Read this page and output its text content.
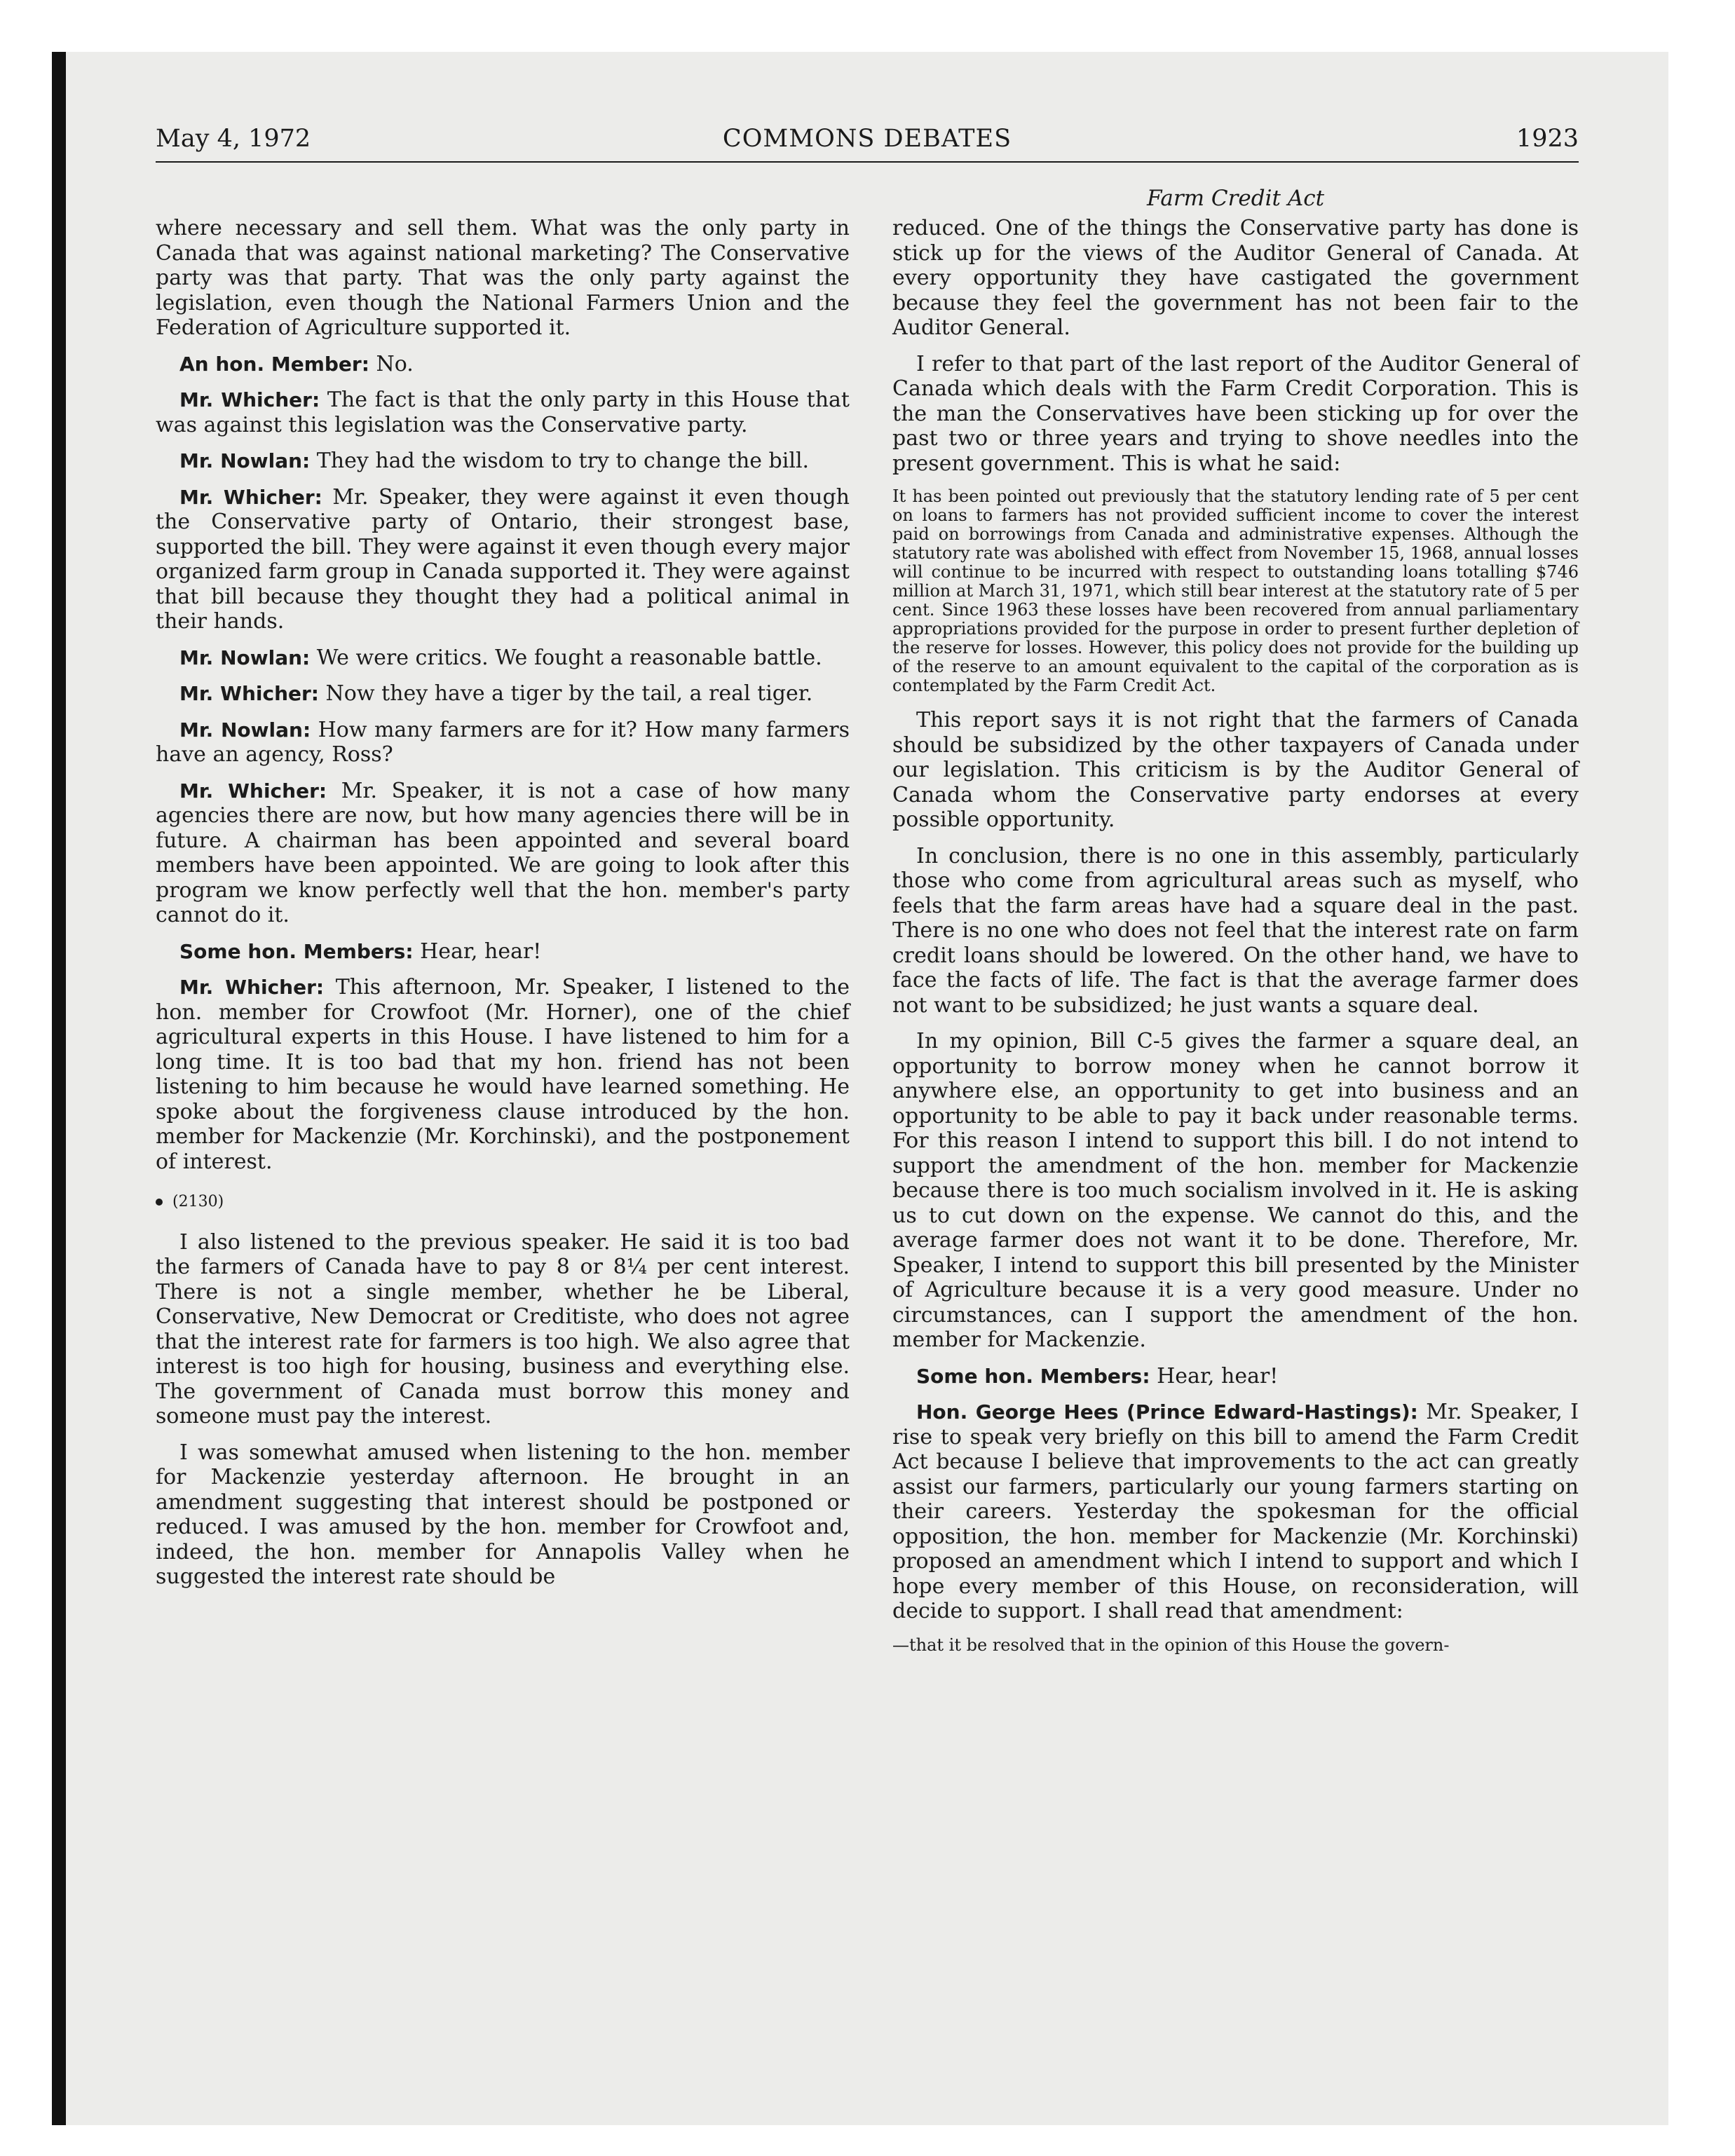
May 4, 1972	COMMONS DEBATES	1923
Farm Credit Act

where necessary and sell them. What was the only party in Canada that was against national marketing? The Conservative party was that party. That was the only party against the legislation, even though the National Farmers Union and the Federation of Agriculture supported it.

An hon. Member: No.

Mr. Whicher: The fact is that the only party in this House that was against this legislation was the Conservative party.

Mr. Nowlan: They had the wisdom to try to change the bill.

Mr. Whicher: Mr. Speaker, they were against it even though the Conservative party of Ontario, their strongest base, supported the bill. They were against it even though every major organized farm group in Canada supported it. They were against that bill because they thought they had a political animal in their hands.

Mr. Nowlan: We were critics. We fought a reasonable battle.

Mr. Whicher: Now they have a tiger by the tail, a real tiger.

Mr. Nowlan: How many farmers are for it? How many farmers have an agency, Ross?

Mr. Whicher: Mr. Speaker, it is not a case of how many agencies there are now, but how many agencies there will be in future. A chairman has been appointed and several board members have been appointed. We are going to look after this program we know perfectly well that the hon. member's party cannot do it.

Some hon. Members: Hear, hear!

Mr. Whicher: This afternoon, Mr. Speaker, I listened to the hon. member for Crowfoot (Mr. Horner), one of the chief agricultural experts in this House. I have listened to him for a long time. It is too bad that my hon. friend has not been listening to him because he would have learned something. He spoke about the forgiveness clause introduced by the hon. member for Mackenzie (Mr. Korchinski), and the postponement of interest.

(2130)

I also listened to the previous speaker. He said it is too bad the farmers of Canada have to pay 8 or 8¼ per cent interest. There is not a single member, whether he be Liberal, Conservative, New Democrat or Creditiste, who does not agree that the interest rate for farmers is too high. We also agree that interest is too high for housing, business and everything else. The government of Canada must borrow this money and someone must pay the interest.

I was somewhat amused when listening to the hon. member for Mackenzie yesterday afternoon. He brought in an amendment suggesting that interest should be postponed or reduced. I was amused by the hon. member for Crowfoot and, indeed, the hon. member for Annapolis Valley when he suggested the interest rate should be

reduced. One of the things the Conservative party has done is stick up for the views of the Auditor General of Canada. At every opportunity they have castigated the government because they feel the government has not been fair to the Auditor General.

I refer to that part of the last report of the Auditor General of Canada which deals with the Farm Credit Corporation. This is the man the Conservatives have been sticking up for over the past two or three years and trying to shove needles into the present government. This is what he said:

It has been pointed out previously that the statutory lending rate of 5 per cent on loans to farmers has not provided sufficient income to cover the interest paid on borrowings from Canada and administrative expenses. Although the statutory rate was abolished with effect from November 15, 1968, annual losses will continue to be incurred with respect to outstanding loans totalling $746 million at March 31, 1971, which still bear interest at the statutory rate of 5 per cent. Since 1963 these losses have been recovered from annual parliamentary appropriations provided for the purpose in order to present further depletion of the reserve for losses. However, this policy does not provide for the building up of the reserve to an amount equivalent to the capital of the corporation as is contemplated by the Farm Credit Act.

This report says it is not right that the farmers of Canada should be subsidized by the other taxpayers of Canada under our legislation. This criticism is by the Auditor General of Canada whom the Conservative party endorses at every possible opportunity.

In conclusion, there is no one in this assembly, particularly those who come from agricultural areas such as myself, who feels that the farm areas have had a square deal in the past. There is no one who does not feel that the interest rate on farm credit loans should be lowered. On the other hand, we have to face the facts of life. The fact is that the average farmer does not want to be subsidized; he just wants a square deal.

In my opinion, Bill C-5 gives the farmer a square deal, an opportunity to borrow money when he cannot borrow it anywhere else, an opportunity to get into business and an opportunity to be able to pay it back under reasonable terms. For this reason I intend to support this bill. I do not intend to support the amendment of the hon. member for Mackenzie because there is too much socialism involved in it. He is asking us to cut down on the expense. We cannot do this, and the average farmer does not want it to be done. Therefore, Mr. Speaker, I intend to support this bill presented by the Minister of Agriculture because it is a very good measure. Under no circumstances, can I support the amendment of the hon. member for Mackenzie.

Some hon. Members: Hear, hear!

Hon. George Hees (Prince Edward-Hastings): Mr. Speaker, I rise to speak very briefly on this bill to amend the Farm Credit Act because I believe that improvements to the act can greatly assist our farmers, particularly our young farmers starting on their careers. Yesterday the spokesman for the official opposition, the hon. member for Mackenzie (Mr. Korchinski) proposed an amendment which I intend to support and which I hope every member of this House, on reconsideration, will decide to support. I shall read that amendment:

—that it be resolved that in the opinion of this House the govern-
